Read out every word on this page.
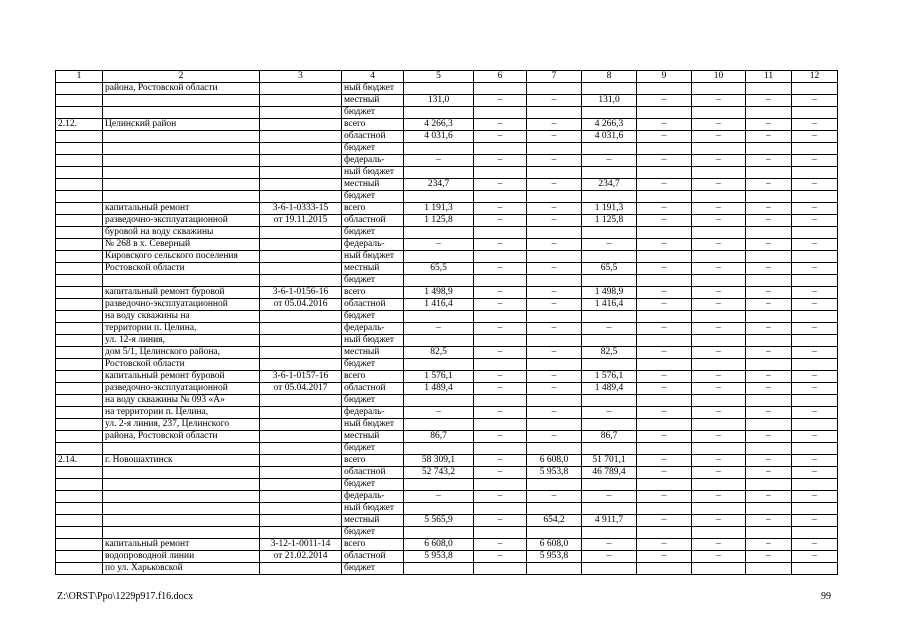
1	2	3	4	5	6	7	8	9	10	11	12
	района, Ростовской области		ный бюджет								
			местный	131,0	–	–	131,0	–	–	–	–
			бюджет								
2.12.	Целинский район		всего	4 266,3	–	–	4 266,3	–	–	–	–
			областной	4 031,6	–	–	4 031,6	–	–	–	–
			бюджет								
			федераль-	–	–	–	–	–	–	–	–
			ный бюджет								
			местный	234,7	–	–	234,7	–	–	–	–
			бюджет								
	капитальный ремонт	3-6-1-0333-15	всего	1 191,3	–	–	1 191,3	–	–	–	–
	разведочно-эксплуатационной	от 19.11.2015	областной	1 125,8	–	–	1 125,8	–	–	–	–
	буровой на воду скважины		бюджет								
	№ 268 в х. Северный		федераль-	–	–	–	–	–	–	–	–
	Кировского сельского поселения		ный бюджет								
	Ростовской области		местный	65,5	–	–	65,5	–	–	–	–
			бюджет								
	капитальный ремонт буровой	3-6-1-0156-16	всего	1 498,9	–	–	1 498,9	–	–	–	–
	разведочно-эксплуатационной	от 05.04.2016	областной	1 416,4	–	–	1 416,4	–	–	–	–
	на воду скважины на		бюджет								
	территории п. Целина,		федераль-	–	–	–	–	–	–	–	–
	ул. 12-я линия,		ный бюджет								
	дом 5/1, Целинского района,		местный	82,5	–	–	82,5	–	–	–	–
	Ростовской области		бюджет								
	капитальный ремонт буровой	3-6-1-0157-16	всего	1 576,1	–	–	1 576,1	–	–	–	–
	разведочно-эксплуатационной	от 05.04.2017	областной	1 489,4	–	–	1 489,4	–	–	–	–
	на воду скважины № 093 «А»		бюджет								
	на территории п. Целина,		федераль-	–	–	–	–	–	–	–	–
	ул. 2-я линия, 237, Целинского		ный бюджет								
	района, Ростовской области		местный	86,7	–	–	86,7	–	–	–	–
			бюджет								
2.14.	г. Новошахтинск		всего	58 309,1	–	6 608,0	51 701,1	–	–	–	–
			областной	52 743,2	–	5 953,8	46 789,4	–	–	–	–
			бюджет								
			федераль-	–	–	–	–	–	–	–	–
			ный бюджет								
			местный	5 565,9	–	654,2	4 911,7	–	–	–	–
			бюджет								
	капитальный ремонт	3-12-1-0011-14	всего	6 608,0	–	6 608,0	–	–	–	–	–
	водопроводной линии	от 21.02.2014	областной	5 953,8	–	5 953,8	–	–	–	–	–
	по ул. Харьковской		бюджет								
Z:\ORST\Ppo\1229p917.f16.docx	99
